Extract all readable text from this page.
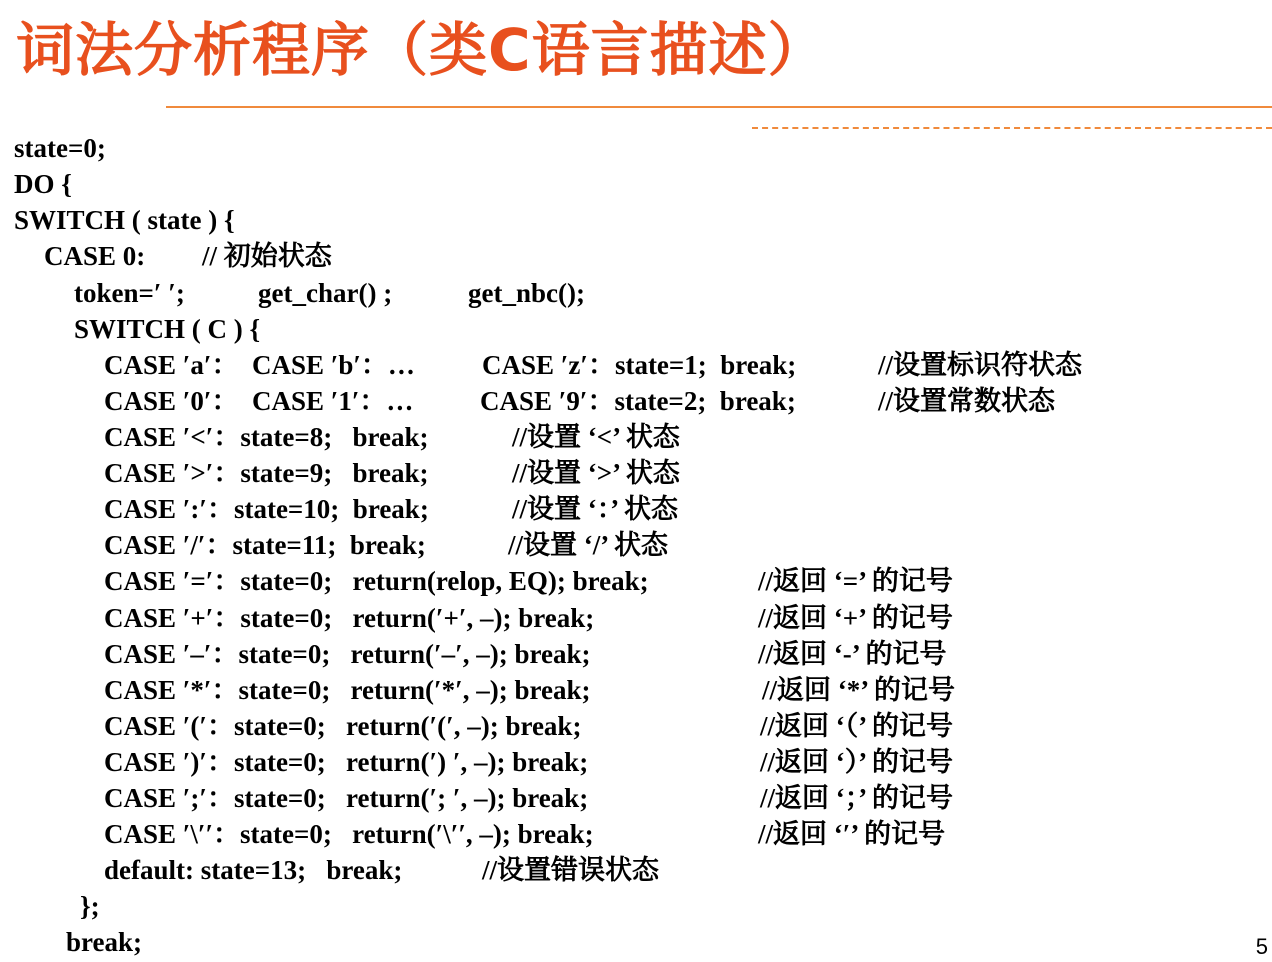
词法分析程序（类C语言描述）
state=0;
DO {
SWITCH ( state ) {
CASE 0: // 初始状态
token=′ ′;	get_char() ;	get_nbc();
SWITCH ( C ) {
CASE ′a′：  CASE ′b′：… CASE ′z′：state=1;  break;	//设置标识符状态
CASE ′0′：  CASE ′1′：… CASE ′9′：state=2;  break;	//设置常数状态
CASE ′<′：state=8;   break;	//设置 ‘<’ 状态
CASE ′>′：state=9;   break;	//设置 ‘>’ 状态
CASE ′:′：state=10;  break;	//设置 ‘：’ 状态
CASE ′/′：state=11;  break;	//设置 ‘/’ 状态
CASE ′=′：state=0;   return(relop, EQ); break;	//返回 ‘=’ 的记号
CASE ′+′：state=0;   return(′+′, –); break;	//返回 ‘+’ 的记号
CASE ′–′：state=0;   return(′–′, –); break;	//返回 ‘-’ 的记号
CASE ′*′：state=0;   return(′*′, –); break;	//返回 ‘*’ 的记号
CASE ′(′：state=0;   return(′(′, –); break;	//返回 ‘（’ 的记号
CASE ′)′：state=0;   return(′) ′, –); break;	//返回 ‘）’ 的记号
CASE ′;′：state=0;   return(′; ′, –); break;	//返回 ‘；’ 的记号
CASE ′\′′：state=0;   return(′\′′, –); break;	//返回 ‘′’ 的记号
default: state=13;   break;	//设置错误状态
};
break;	5
